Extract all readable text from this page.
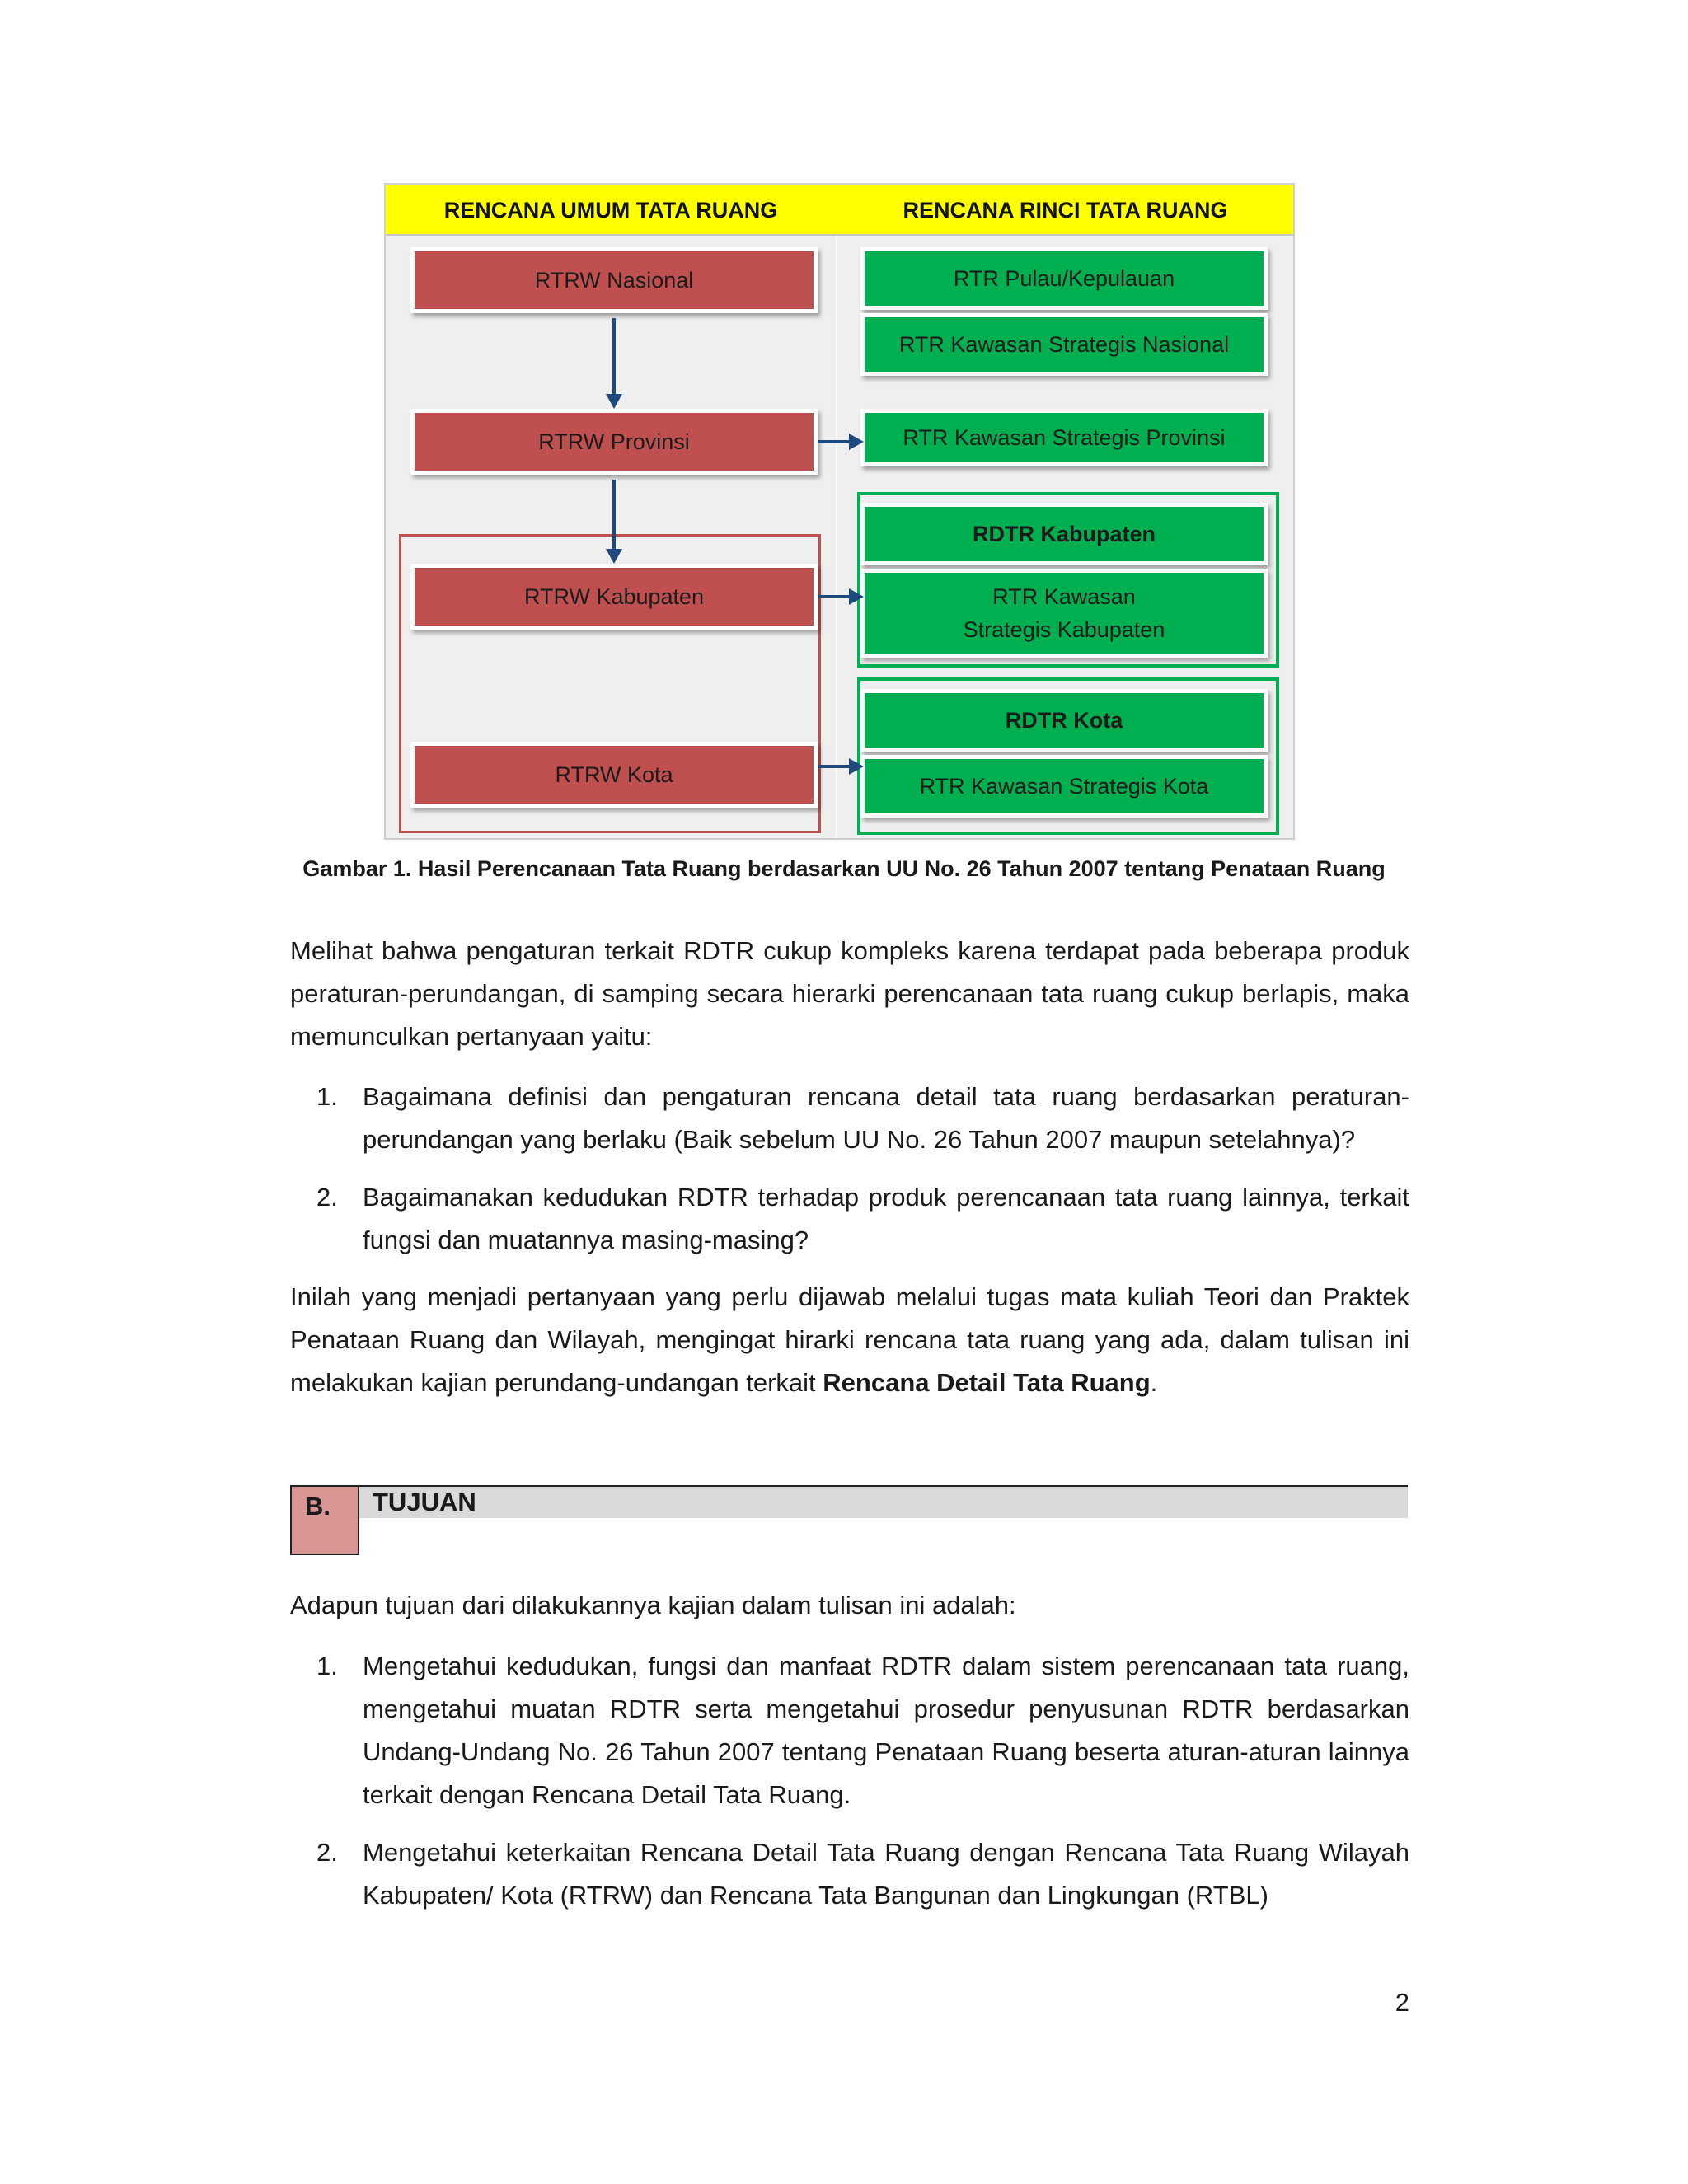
RENCANA UMUM TATA RUANG	RENCANA RINCI TATA RUANG
RTRW Nasional
RTRW Provinsi
RTRW Kabupaten
RTRW Kota
RTR Pulau/Kepulauan
RTR Kawasan Strategis Nasional
RTR Kawasan Strategis Provinsi
RDTR Kabupaten
RTR Kawasan Strategis Kabupaten
RDTR Kota
RTR Kawasan Strategis Kota
Gambar 1. Hasil Perencanaan Tata Ruang berdasarkan UU No. 26 Tahun 2007 tentang Penataan Ruang
Melihat bahwa pengaturan terkait RDTR cukup kompleks karena terdapat pada beberapa produk peraturan-perundangan, di samping secara hierarki perencanaan tata ruang cukup berlapis, maka memunculkan pertanyaan yaitu:
1. Bagaimana definisi dan pengaturan rencana detail tata ruang berdasarkan peraturan-perundangan yang berlaku (Baik sebelum UU No. 26 Tahun 2007 maupun setelahnya)?
2. Bagaimanakan kedudukan RDTR terhadap produk perencanaan tata ruang lainnya, terkait fungsi dan muatannya masing-masing?
Inilah yang menjadi pertanyaan yang perlu dijawab melalui tugas mata kuliah Teori dan Praktek Penataan Ruang dan Wilayah, mengingat hirarki rencana tata ruang yang ada, dalam tulisan ini melakukan kajian perundang-undangan terkait Rencana Detail Tata Ruang.
B.	TUJUAN
Adapun tujuan dari dilakukannya kajian dalam tulisan ini adalah:
1. Mengetahui kedudukan, fungsi dan manfaat RDTR dalam sistem perencanaan tata ruang, mengetahui muatan RDTR serta mengetahui prosedur penyusunan RDTR berdasarkan Undang-Undang No. 26 Tahun 2007 tentang Penataan Ruang beserta aturan-aturan lainnya terkait dengan Rencana Detail Tata Ruang.
2. Mengetahui keterkaitan Rencana Detail Tata Ruang dengan Rencana Tata Ruang Wilayah Kabupaten/ Kota (RTRW) dan Rencana Tata Bangunan dan Lingkungan (RTBL)
2
